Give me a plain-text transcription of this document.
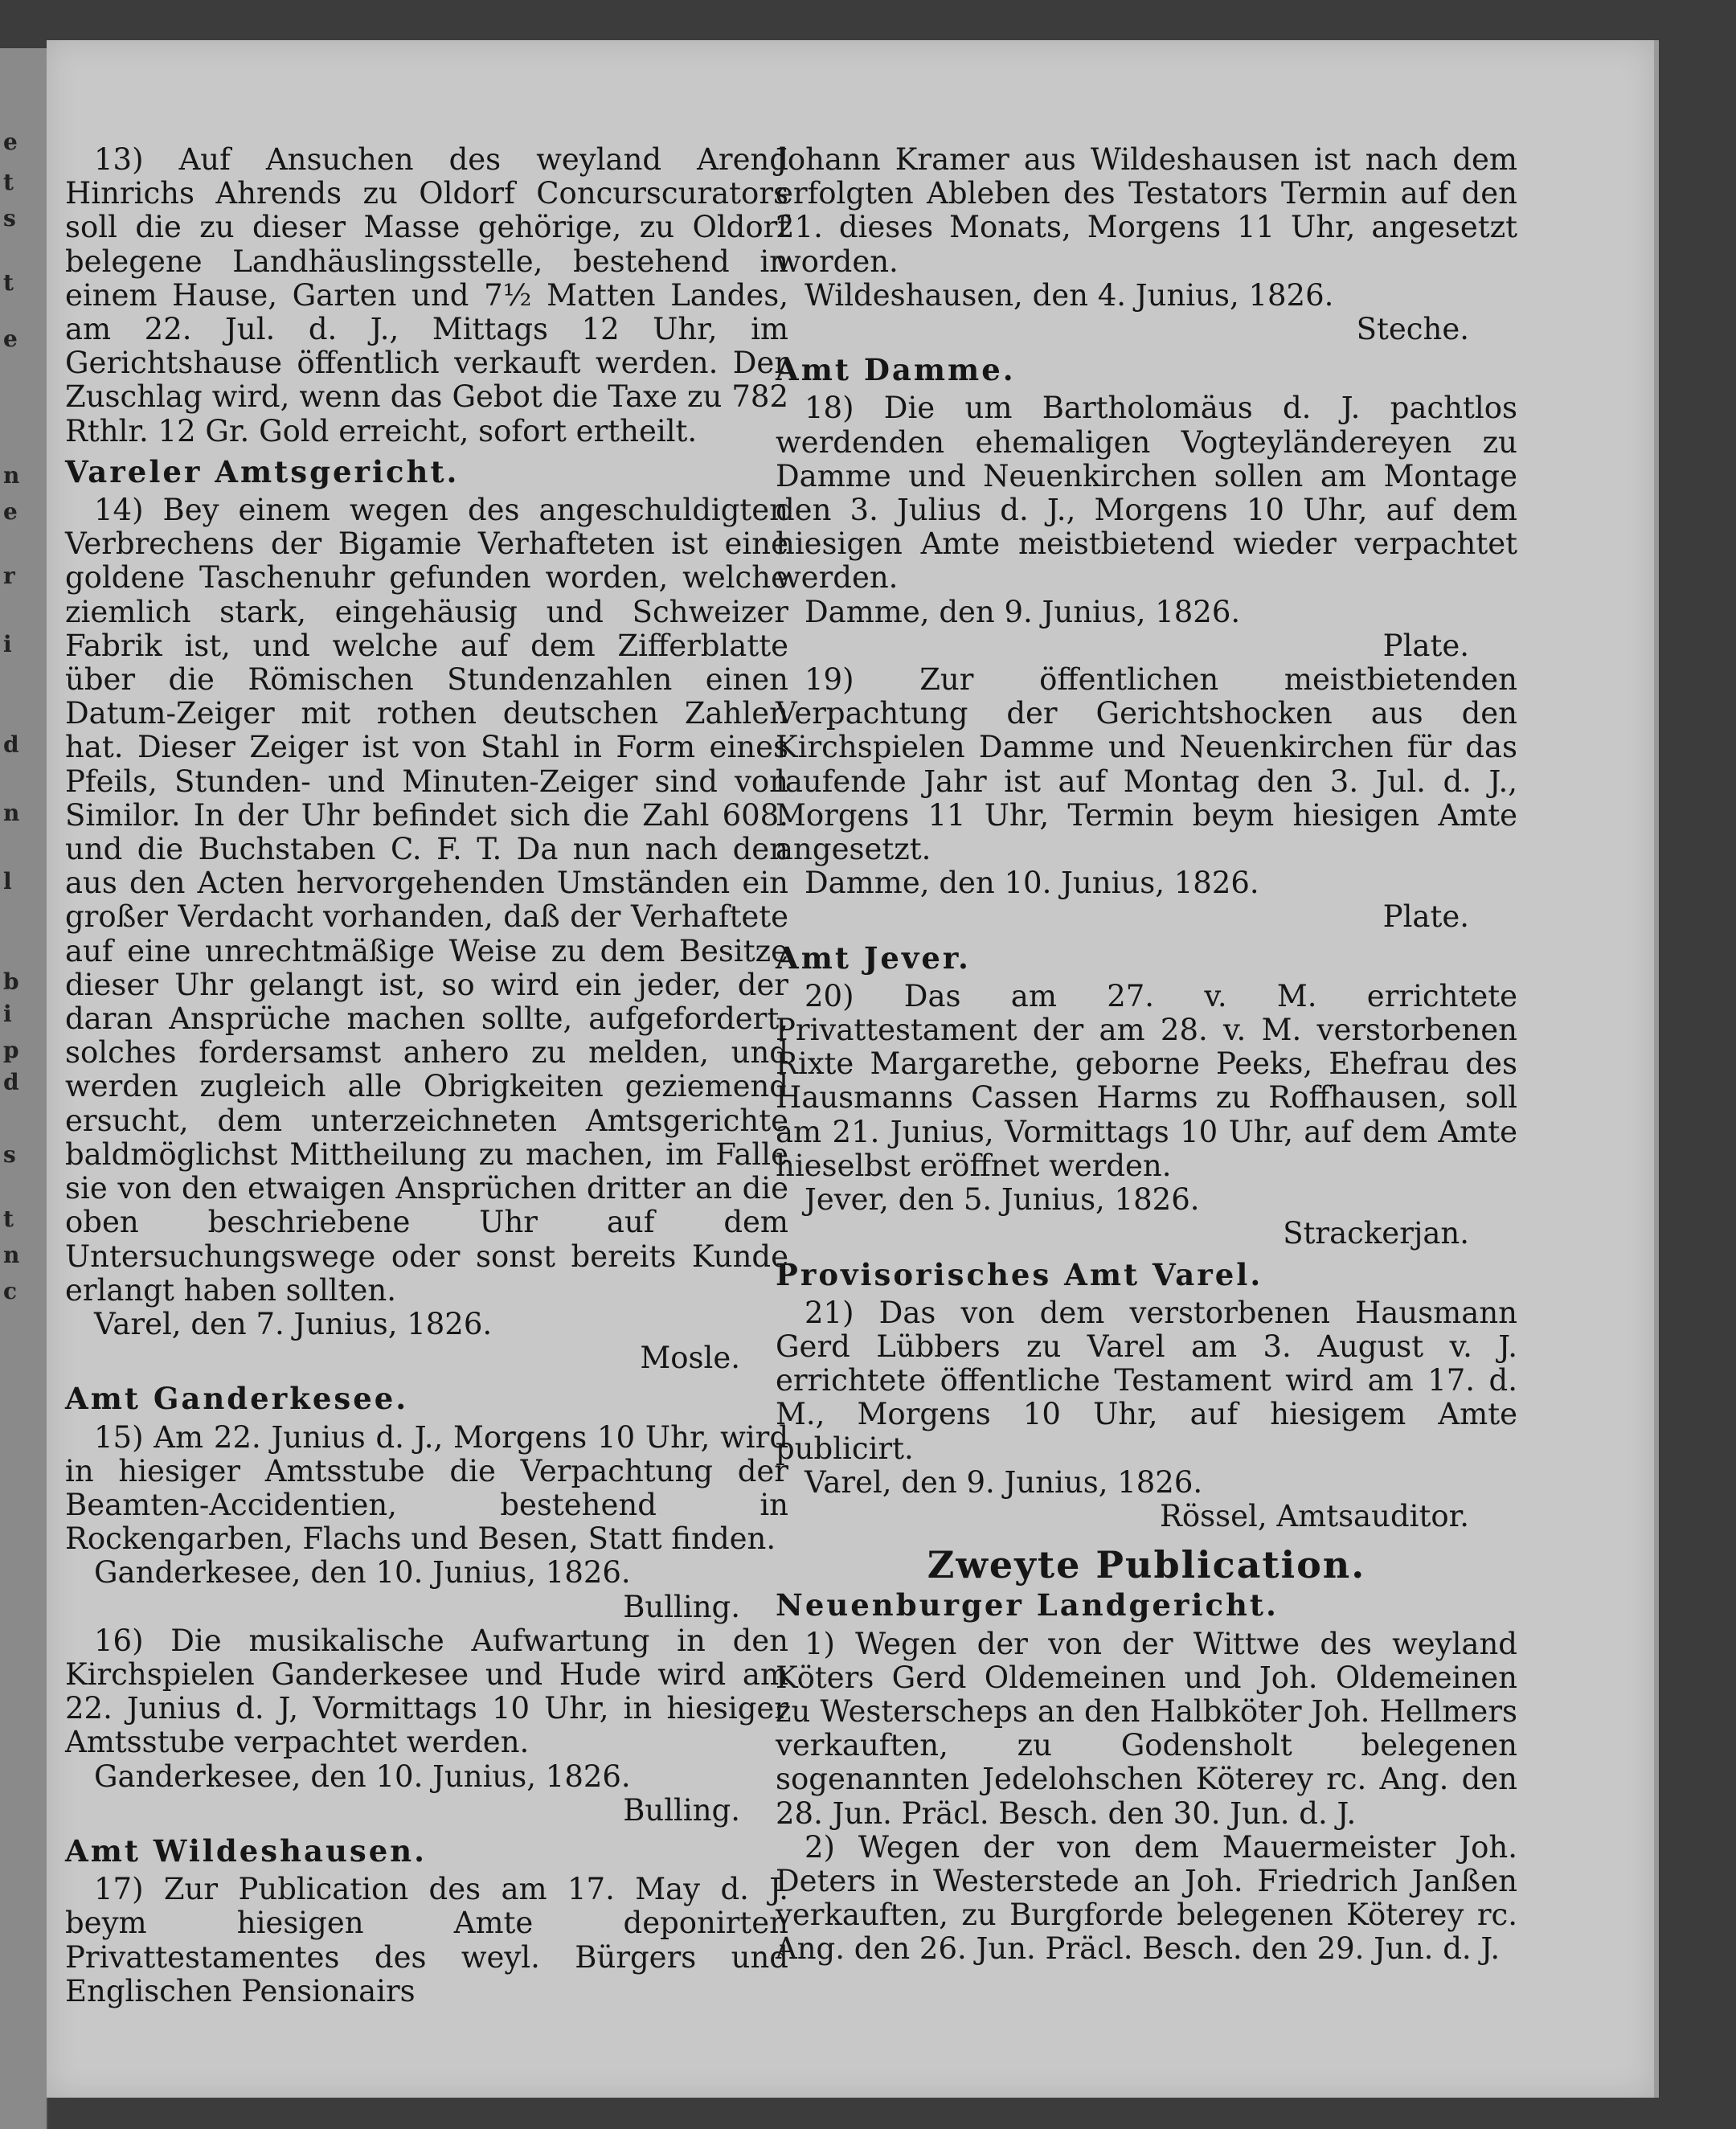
e
t
s
t
e
n
e
r
i
d
n
l
b
i
p
d
s
t
n
c

13) Auf Ansuchen des weyland Arend Hinrichs Ahrends zu Oldorf Concurscurators soll die zu dieser Masse gehörige, zu Oldorf belegene Landhäuslingsstelle, bestehend in einem Hause, Garten und 7½ Matten Landes, am 22. Jul. d. J., Mittags 12 Uhr, im Gerichtshause öffentlich verkauft werden. Der Zuschlag wird, wenn das Gebot die Taxe zu 782 Rthlr. 12 Gr. Gold erreicht, sofort ertheilt.

Vareler Amtsgericht.

14) Bey einem wegen des angeschuldigten Verbrechens der Bigamie Verhafteten ist eine goldene Taschenuhr gefunden worden, welche ziemlich stark, eingehäusig und Schweizer Fabrik ist, und welche auf dem Zifferblatte über die Römischen Stundenzahlen einen Datum-Zeiger mit rothen deutschen Zahlen hat. Dieser Zeiger ist von Stahl in Form eines Pfeils, Stunden- und Minuten-Zeiger sind von Similor. In der Uhr befindet sich die Zahl 608. und die Buchstaben C. F. T. Da nun nach den aus den Acten hervorgehenden Umständen ein großer Verdacht vorhanden, daß der Verhaftete auf eine unrechtmäßige Weise zu dem Besitze dieser Uhr gelangt ist, so wird ein jeder, der daran Ansprüche machen sollte, aufgefordert, solches fordersamst anhero zu melden, und werden zugleich alle Obrigkeiten geziemend ersucht, dem unterzeichneten Amtsgerichte baldmöglichst Mittheilung zu machen, im Falle sie von den etwaigen Ansprüchen dritter an die oben beschriebene Uhr auf dem Untersuchungswege oder sonst bereits Kunde erlangt haben sollten.

Varel, den 7. Junius, 1826.

Mosle.

Amt Ganderkesee.

15) Am 22. Junius d. J., Morgens 10 Uhr, wird in hiesiger Amtsstube die Verpachtung der Beamten-Accidentien, bestehend in Rockengarben, Flachs und Besen, Statt finden.

Ganderkesee, den 10. Junius, 1826.

Bulling.

16) Die musikalische Aufwartung in den Kirchspielen Ganderkesee und Hude wird am 22. Junius d. J, Vormittags 10 Uhr, in hiesiger Amtsstube verpachtet werden.

Ganderkesee, den 10. Junius, 1826.

Bulling.

Amt Wildeshausen.

17) Zur Publication des am 17. May d. J. beym hiesigen Amte deponirten Privattestamentes des weyl. Bürgers und Englischen Pensionairs

Johann Kramer aus Wildeshausen ist nach dem erfolgten Ableben des Testators Termin auf den 21. dieses Monats, Morgens 11 Uhr, angesetzt worden.

Wildeshausen, den 4. Junius, 1826.

Steche.

Amt Damme.

18) Die um Bartholomäus d. J. pachtlos werdenden ehemaligen Vogteyländereyen zu Damme und Neuenkirchen sollen am Montage den 3. Julius d. J., Morgens 10 Uhr, auf dem hiesigen Amte meistbietend wieder verpachtet werden.

Damme, den 9. Junius, 1826.

Plate.

19) Zur öffentlichen meistbietenden Verpachtung der Gerichtshocken aus den Kirchspielen Damme und Neuenkirchen für das laufende Jahr ist auf Montag den 3. Jul. d. J., Morgens 11 Uhr, Termin beym hiesigen Amte angesetzt.

Damme, den 10. Junius, 1826.

Plate.

Amt Jever.

20) Das am 27. v. M. errichtete Privattestament der am 28. v. M. verstorbenen Rixte Margarethe, geborne Peeks, Ehefrau des Hausmanns Cassen Harms zu Roffhausen, soll am 21. Junius, Vormittags 10 Uhr, auf dem Amte hieselbst eröffnet werden.

Jever, den 5. Junius, 1826.

Strackerjan.

Provisorisches Amt Varel.

21) Das von dem verstorbenen Hausmann Gerd Lübbers zu Varel am 3. August v. J. errichtete öffentliche Testament wird am 17. d. M., Morgens 10 Uhr, auf hiesigem Amte publicirt.

Varel, den 9. Junius, 1826.

Rössel, Amtsauditor.

Zweyte Publication.

Neuenburger Landgericht.

1) Wegen der von der Wittwe des weyland Köters Gerd Oldemeinen und Joh. Oldemeinen zu Westerscheps an den Halbköter Joh. Hellmers verkauften, zu Godensholt belegenen sogenannten Jedelohschen Köterey rc. Ang. den 28. Jun. Präcl. Besch. den 30. Jun. d. J.

2) Wegen der von dem Mauermeister Joh. Deters in Westerstede an Joh. Friedrich Janßen verkauften, zu Burgforde belegenen Köterey rc. Ang. den 26. Jun. Präcl. Besch. den 29. Jun. d. J.
